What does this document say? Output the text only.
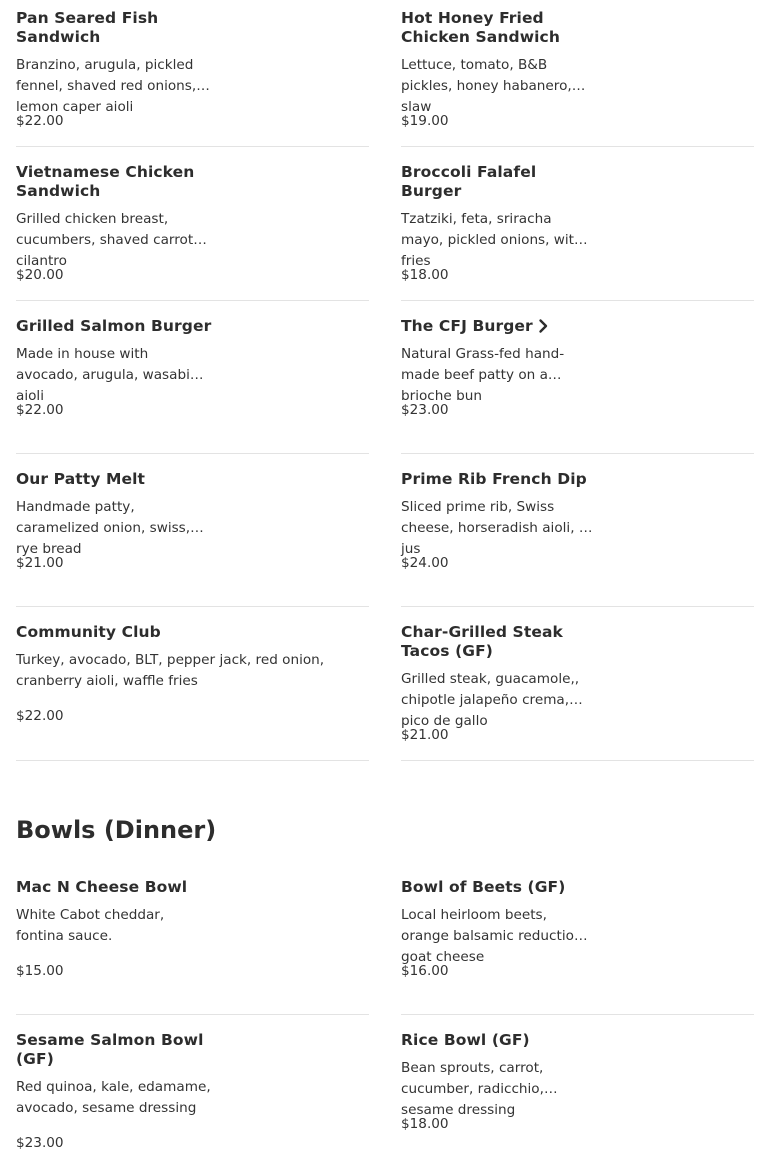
Pan Seared Fish Sandwich
Branzino, arugula, pickled fennel, shaved red onions, lemon caper aioli
$22.00
Hot Honey Fried Chicken Sandwich
Lettuce, tomato, B&B pickles, honey habanero, slaw
$19.00
Vietnamese Chicken Sandwich
Grilled chicken breast, cucumbers, shaved carrots, cilantro
$20.00
Broccoli Falafel Burger
Tzatziki, feta, sriracha mayo, pickled onions, with fries
$18.00
Grilled Salmon Burger
Made in house with avocado, arugula, wasabi aioli
$22.00
The CFJ Burger
Natural Grass-fed hand-made beef patty on a brioche bun
$23.00
Our Patty Melt
Handmade patty, caramelized onion, swiss, rye bread
$21.00
Prime Rib French Dip
Sliced prime rib, Swiss cheese, horseradish aioli, au jus
$24.00
Community Club
Turkey, avocado, BLT, pepper jack, red onion, cranberry aioli, waffle fries
$22.00
Char-Grilled Steak Tacos (GF)
Grilled steak, guacamole,, chipotle jalapeño crema, pico de gallo
$21.00
Bowls (Dinner)
Mac N Cheese Bowl
White Cabot cheddar, fontina sauce.
$15.00
Bowl of Beets (GF)
Local heirloom beets, orange balsamic reduction, goat cheese
$16.00
Sesame Salmon Bowl (GF)
Red quinoa, kale, edamame, avocado, sesame dressing
$23.00
Rice Bowl (GF)
Bean sprouts, carrot, cucumber, radicchio, sesame dressing
$18.00
